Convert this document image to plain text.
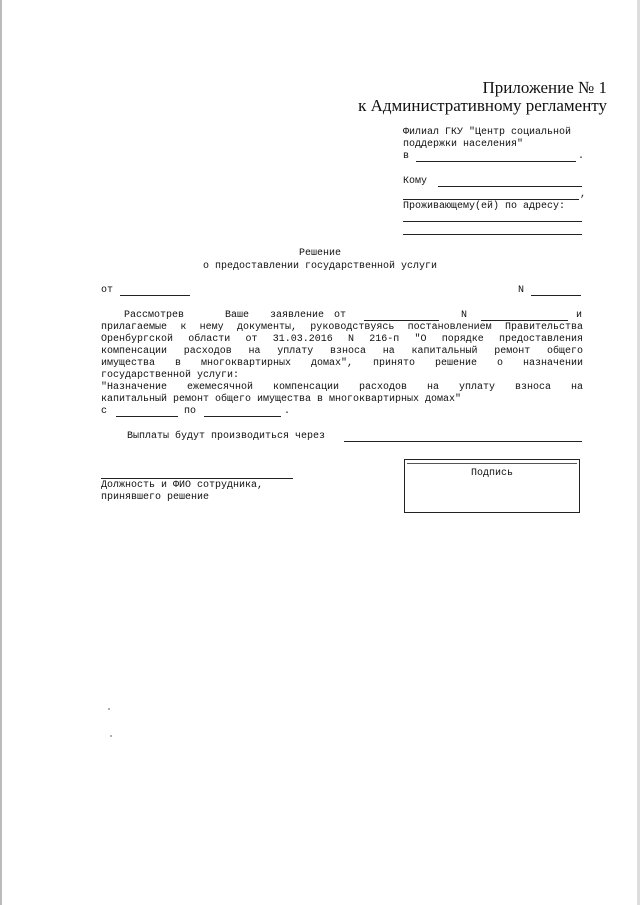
Приложение № 1
к Административному регламенту
Филиал ГКУ "Центр социальной
поддержки населения"
в	.
Кому
,
Проживающему(ей) по адресу:
Решение
о предоставлении государственной услуги
от	N
Рассмотрев	Ваше заявление от	N	и
прилагаемые к нему документы, руководствуясь постановлением Правительства
Оренбургской области от 31.03.2016 N 216-п "О порядке предоставления
компенсации расходов на уплату взноса на капитальный ремонт общего
имущества в многоквартирных домах", принято решение о назначении
государственной услуги:
"Назначение ежемесячной компенсации расходов на уплату взноса на
капитальный ремонт общего имущества в многоквартирных домах"
с	по	.
Выплаты будут производиться через
Должность и ФИО сотрудника,
принявшего решение
Подпись
